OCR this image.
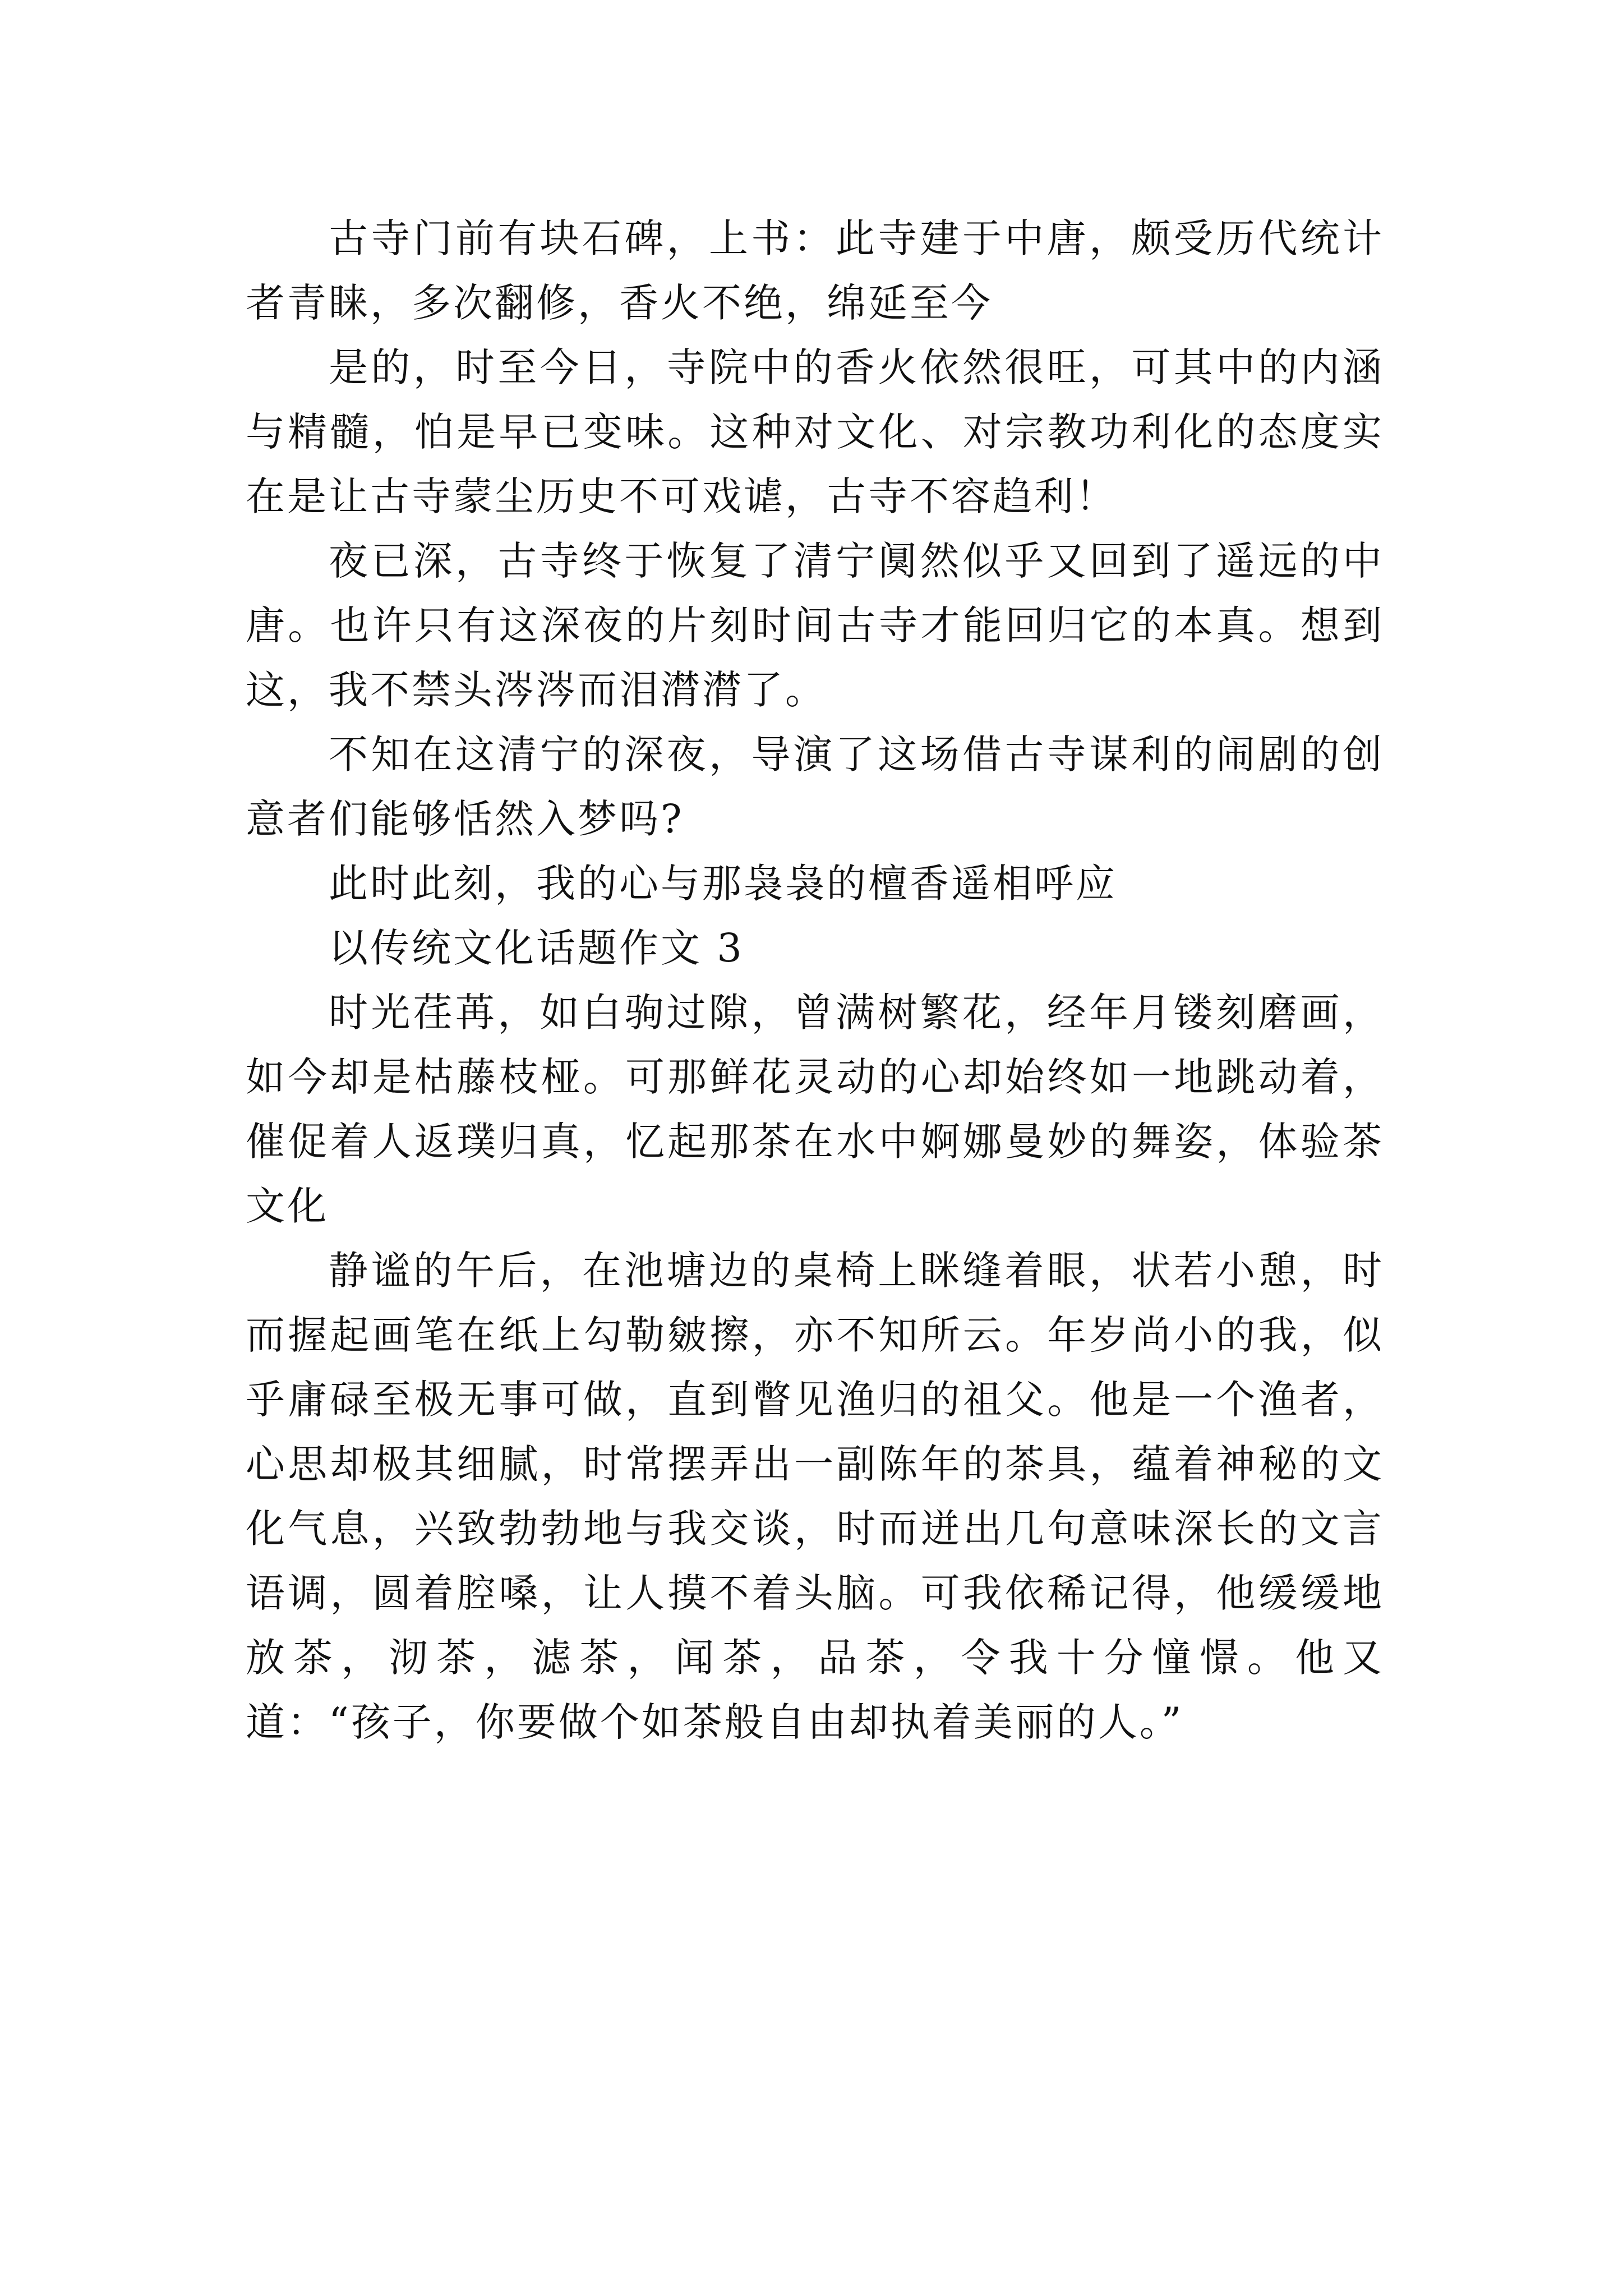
古寺门前有块石碑，上书：此寺建于中唐，颇受历代统计者青睐，多次翻修，香火不绝，绵延至今

是的，时至今日，寺院中的香火依然很旺，可其中的内涵与精髓，怕是早已变味。这种对文化、对宗教功利化的态度实在是让古寺蒙尘历史不可戏谑，古寺不容趋利！

夜已深，古寺终于恢复了清宁阒然似乎又回到了遥远的中唐。也许只有这深夜的片刻时间古寺才能回归它的本真。想到这，我不禁头涔涔而泪潸潸了。

不知在这清宁的深夜，导演了这场借古寺谋利的闹剧的创意者们能够恬然入梦吗?

此时此刻，我的心与那袅袅的檀香遥相呼应

以传统文化话题作文 3

时光荏苒，如白驹过隙，曾满树繁花，经年月镂刻磨画，如今却是枯藤枝桠。可那鲜花灵动的心却始终如一地跳动着，催促着人返璞归真，忆起那茶在水中婀娜曼妙的舞姿，体验茶文化

静谧的午后，在池塘边的桌椅上眯缝着眼，状若小憩，时而握起画笔在纸上勾勒皴擦，亦不知所云。年岁尚小的我，似乎庸碌至极无事可做，直到瞥见渔归的祖父。他是一个渔者，心思却极其细腻，时常摆弄出一副陈年的茶具，蕴着神秘的文化气息，兴致勃勃地与我交谈，时而迸出几句意味深长的文言语调，圆着腔嗓，让人摸不着头脑。可我依稀记得，他缓缓地放茶，沏茶，滤茶，闻茶，品茶，令我十分憧憬。他又道：“孩子，你要做个如茶般自由却执着美丽的人。”
